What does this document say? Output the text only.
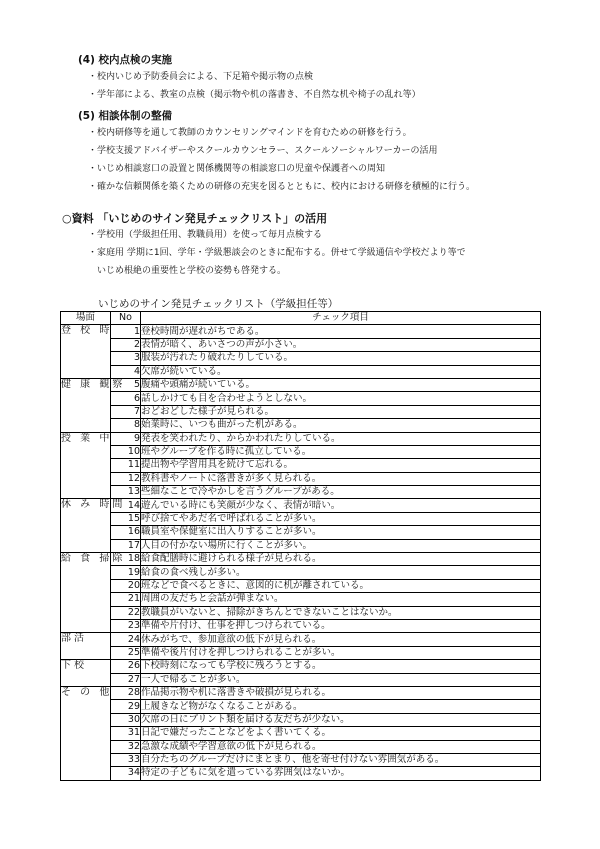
(4) 校内点検の実施
・校内いじめ予防委員会による、下足箱や掲示物の点検
・学年部による、教室の点検（掲示物や机の落書き、不自然な机や椅子の乱れ等）
(5) 相談体制の整備
・校内研修等を通して教師のカウンセリングマインドを育むための研修を行う。
・学校支援アドバイザーやスクールカウンセラー、スクールソーシャルワーカーの活用
・いじめ相談窓口の設置と関係機関等の相談窓口の児童や保護者への周知
・確かな信頼関係を築くための研修の充実を図るとともに、校内における研修を積極的に行う。
○資料 「いじめのサイン発見チェックリスト」の活用
・学校用（学級担任用、教職員用）を使って毎月点検する
・家庭用 学期に1回、学年・学級懇談会のときに配布する。併せて学級通信や学校だより等で
いじめ根絶の重要性と学校の姿勢も啓発する。
いじめのサイン発見チェックリスト（学級担任等）
場面	No	チェック項目
登 校 時	1	登校時間が遅れがちである。
	2	表情が暗く、あいさつの声が小さい。
	3	服装が汚れたり破れたりしている。
	4	欠席が続いている。
健 康 観察	5	腹痛や頭痛が続いている。
	6	話しかけても目を合わせようとしない。
	7	おどおどした様子が見られる。
	8	始業時に、いつも曲がった机がある。
授 業 中	9	発表を笑われたり、からかわれたりしている。
	10	班やグループを作る時に孤立している。
	11	提出物や学習用具を続けて忘れる。
	12	教科書やノートに落書きが多く見られる。
	13	些細なことで冷やかしを言うグループがある。
休 み 時間	14	遊んでいる時にも笑顔が少なく、表情が暗い。
	15	呼び捨てやあだ名で呼ばれることが多い。
	16	職員室や保健室に出入りすることが多い。
	17	人目の付かない場所に行くことが多い。
給 食 掃除	18	給食配膳時に避けられる様子が見られる。
	19	給食の食べ残しが多い。
	20	班などで食べるときに、意図的に机が離されている。
	21	周囲の友だちと会話が弾まない。
	22	教職員がいないと、掃除がきちんとできないことはないか。
	23	準備や片付け、仕事を押しつけられている。
部活	24	休みがちで、参加意欲の低下が見られる。
	25	準備や後片付けを押しつけられることが多い。
下校	26	下校時刻になっても学校に残ろうとする。
	27	一人で帰ることが多い。
そ の 他	28	作品掲示物や机に落書きや破損が見られる。
	29	上履きなど物がなくなることがある。
	30	欠席の日にプリント類を届ける友だちが少ない。
	31	日記で嫌だったことなどをよく書いてくる。
	32	急激な成績や学習意欲の低下が見られる。
	33	自分たちのグループだけにまとまり、他を寄せ付けない雰囲気がある。
	34	特定の子どもに気を遣っている雰囲気はないか。
